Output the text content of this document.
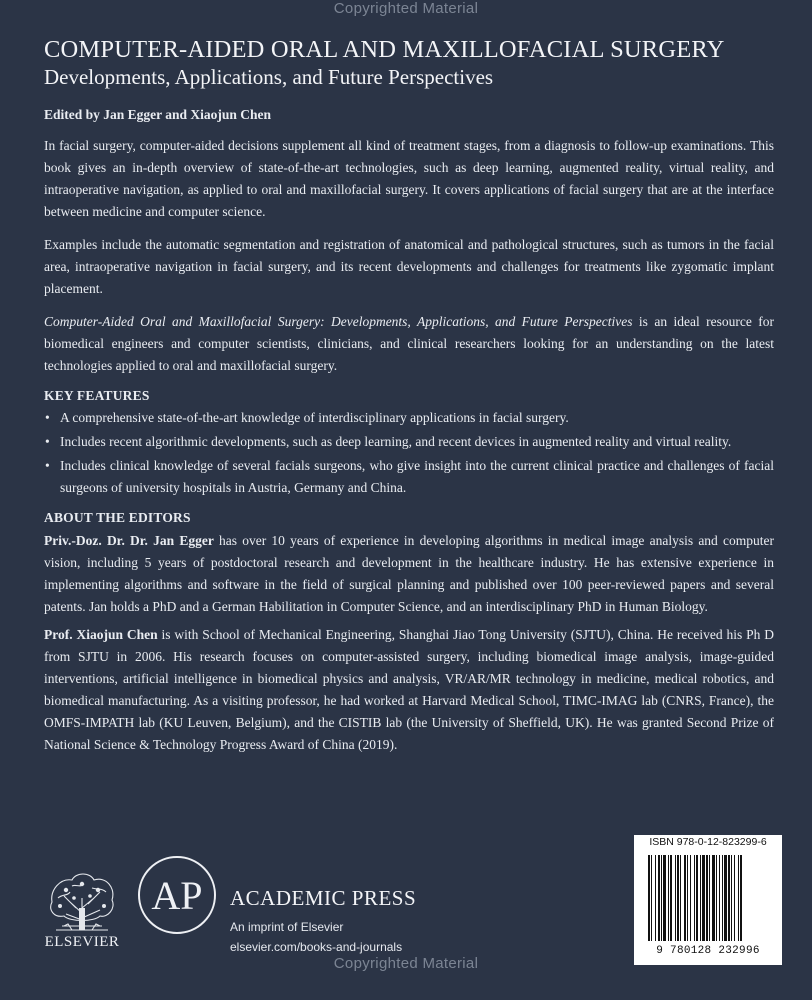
Copyrighted Material
COMPUTER-AIDED ORAL AND MAXILLOFACIAL SURGERY
Developments, Applications, and Future Perspectives
Edited by Jan Egger and Xiaojun Chen

In facial surgery, computer-aided decisions supplement all kind of treatment stages, from a diagnosis to follow-up examinations. This book gives an in-depth overview of state-of-the-art technologies, such as deep learning, augmented reality, virtual reality, and intraoperative navigation, as applied to oral and maxillofacial surgery. It covers applications of facial surgery that are at the interface between medicine and computer science.

Examples include the automatic segmentation and registration of anatomical and pathological structures, such as tumors in the facial area, intraoperative navigation in facial surgery, and its recent developments and challenges for treatments like zygomatic implant placement.

Computer-Aided Oral and Maxillofacial Surgery: Developments, Applications, and Future Perspectives is an ideal resource for biomedical engineers and computer scientists, clinicians, and clinical researchers looking for an understanding on the latest technologies applied to oral and maxillofacial surgery.

KEY FEATURES
• A comprehensive state-of-the-art knowledge of interdisciplinary applications in facial surgery.
• Includes recent algorithmic developments, such as deep learning, and recent devices in augmented reality and virtual reality.
• Includes clinical knowledge of several facials surgeons, who give insight into the current clinical practice and challenges of facial surgeons of university hospitals in Austria, Germany and China.
ABOUT THE EDITORS

Priv.-Doz. Dr. Dr. Jan Egger has over 10 years of experience in developing algorithms in medical image analysis and computer vision, including 5 years of postdoctoral research and development in the healthcare industry. He has extensive experience in implementing algorithms and software in the field of surgical planning and published over 100 peer-reviewed papers and several patents. Jan holds a PhD and a German Habilitation in Computer Science, and an interdisciplinary PhD in Human Biology.

Prof. Xiaojun Chen is with School of Mechanical Engineering, Shanghai Jiao Tong University (SJTU), China. He received his Ph D from SJTU in 2006. His research focuses on computer-assisted surgery, including biomedical image analysis, image-guided interventions, artificial intelligence in biomedical physics and analysis, VR/AR/MR technology in medicine, medical robotics, and biomedical manufacturing. As a visiting professor, he had worked at Harvard Medical School, TIMC-IMAG lab (CNRS, France), the OMFS-IMPATH lab (KU Leuven, Belgium), and the CISTIB lab (the University of Sheffield, UK). He was granted Second Prize of National Science & Technology Progress Award of China (2019).

ELSEVIER
AP ACADEMIC PRESS
An imprint of Elsevier
elsevier.com/books-and-journals
ISBN 978-0-12-823299-6
9 780128 232996
Copyrighted Material
